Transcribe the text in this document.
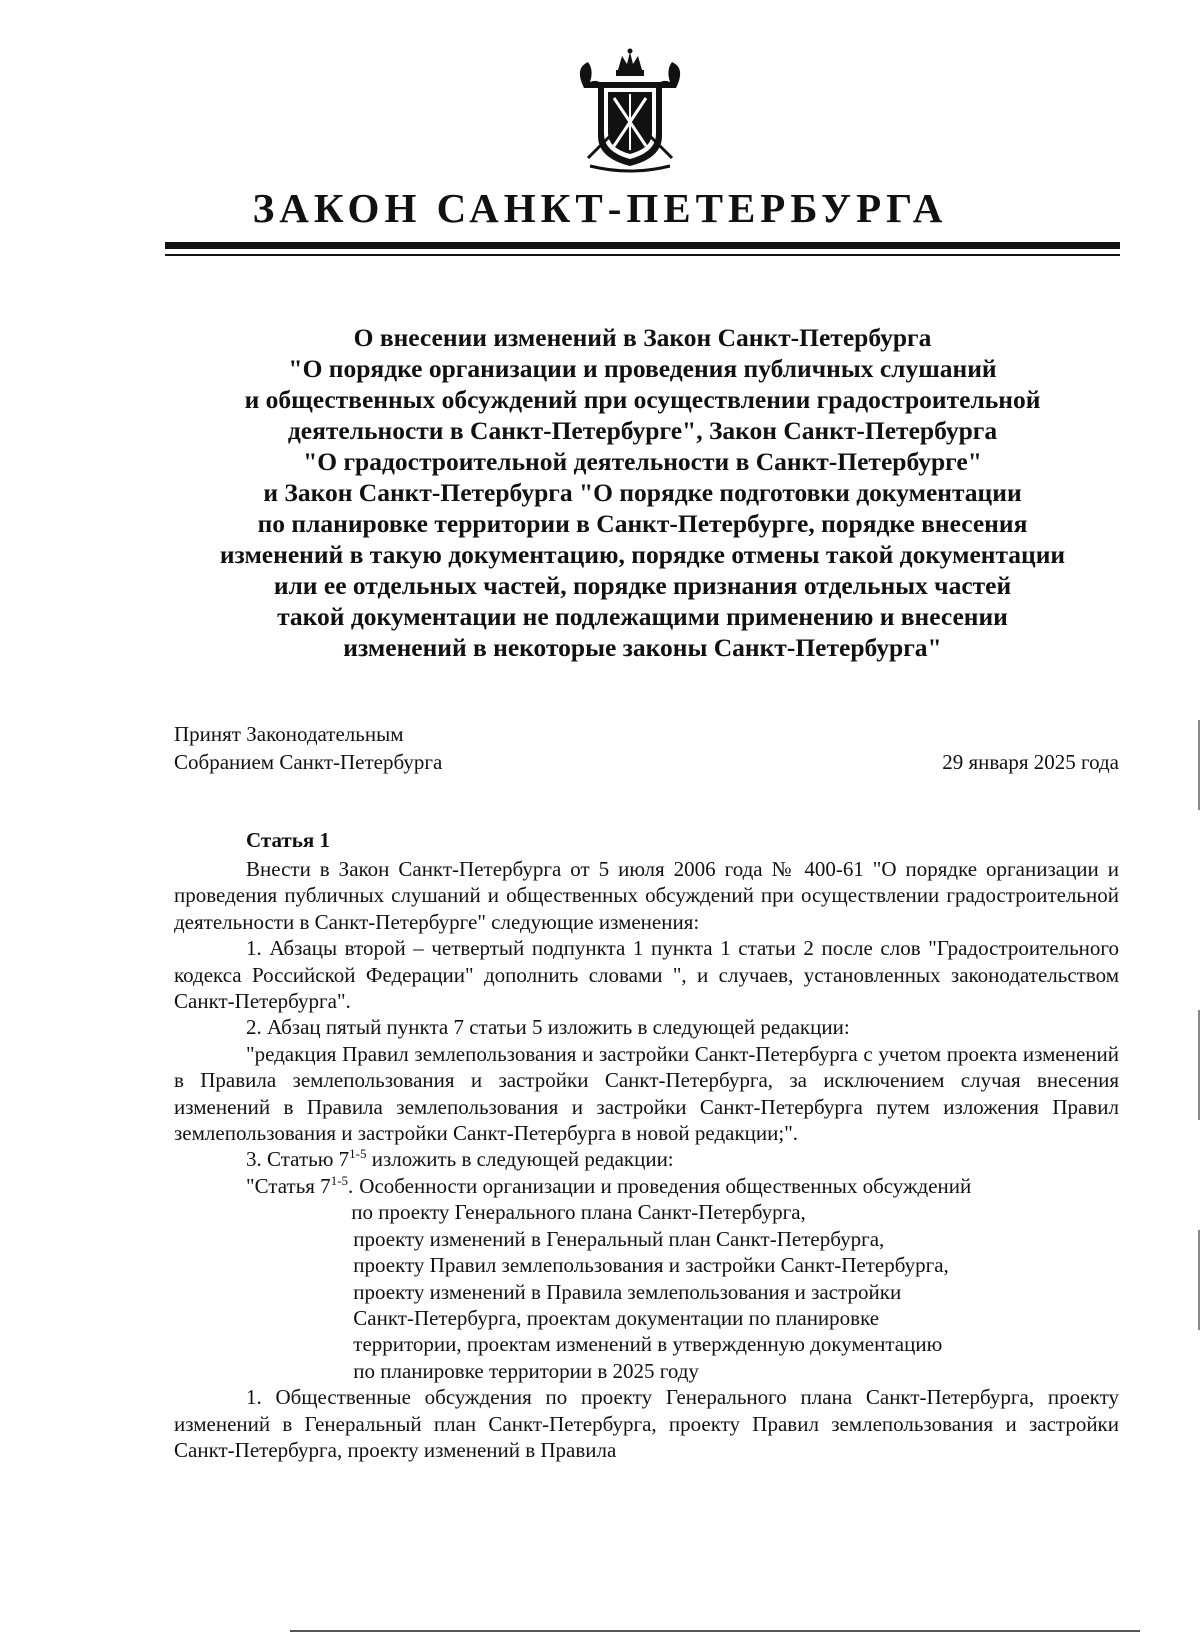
ЗАКОН САНКТ-ПЕТЕРБУРГА
О внесении изменений в Закон Санкт-Петербурга
"О порядке организации и проведения публичных слушаний
и общественных обсуждений при осуществлении градостроительной
деятельности в Санкт-Петербурге", Закон Санкт-Петербурга
"О градостроительной деятельности в Санкт-Петербурге"
и Закон Санкт-Петербурга "О порядке подготовки документации
по планировке территории в Санкт-Петербурге, порядке внесения
изменений в такую документацию, порядке отмены такой документации
или ее отдельных частей, порядке признания отдельных частей
такой документации не подлежащими применению и внесении
изменений в некоторые законы Санкт-Петербурга"
Принят Законодательным
Собранием Санкт-Петербурга	29 января 2025 года
Статья 1

Внести в Закон Санкт-Петербурга от 5 июля 2006 года № 400-61 "О порядке организации и проведения публичных слушаний и общественных обсуждений при осуществлении градостроительной деятельности в Санкт-Петербурге" следующие изменения:

1. Абзацы второй – четвертый подпункта 1 пункта 1 статьи 2 после слов "Градостроительного кодекса Российской Федерации" дополнить словами ", и случаев, установленных законодательством Санкт-Петербурга".

2. Абзац пятый пункта 7 статьи 5 изложить в следующей редакции:

"редакция Правил землепользования и застройки Санкт-Петербурга с учетом проекта изменений в Правила землепользования и застройки Санкт-Петербурга, за исключением случая внесения изменений в Правила землепользования и застройки Санкт-Петербурга путем изложения Правил землепользования и застройки Санкт-Петербурга в новой редакции;".

3. Статью 7$^{1-5}$ изложить в следующей редакции:

"Статья 7$^{1-5}$. Особенности организации и проведения общественных обсуждений
по проекту Генерального плана Санкт-Петербурга,
проекту изменений в Генеральный план Санкт-Петербурга,
проекту Правил землепользования и застройки Санкт-Петербурга,
проекту изменений в Правила землепользования и застройки
Санкт-Петербурга, проектам документации по планировке
территории, проектам изменений в утвержденную документацию
по планировке территории в 2025 году

1. Общественные обсуждения по проекту Генерального плана Санкт-Петербурга, проекту изменений в Генеральный план Санкт-Петербурга, проекту Правил землепользования и застройки Санкт-Петербурга, проекту изменений в Правила
